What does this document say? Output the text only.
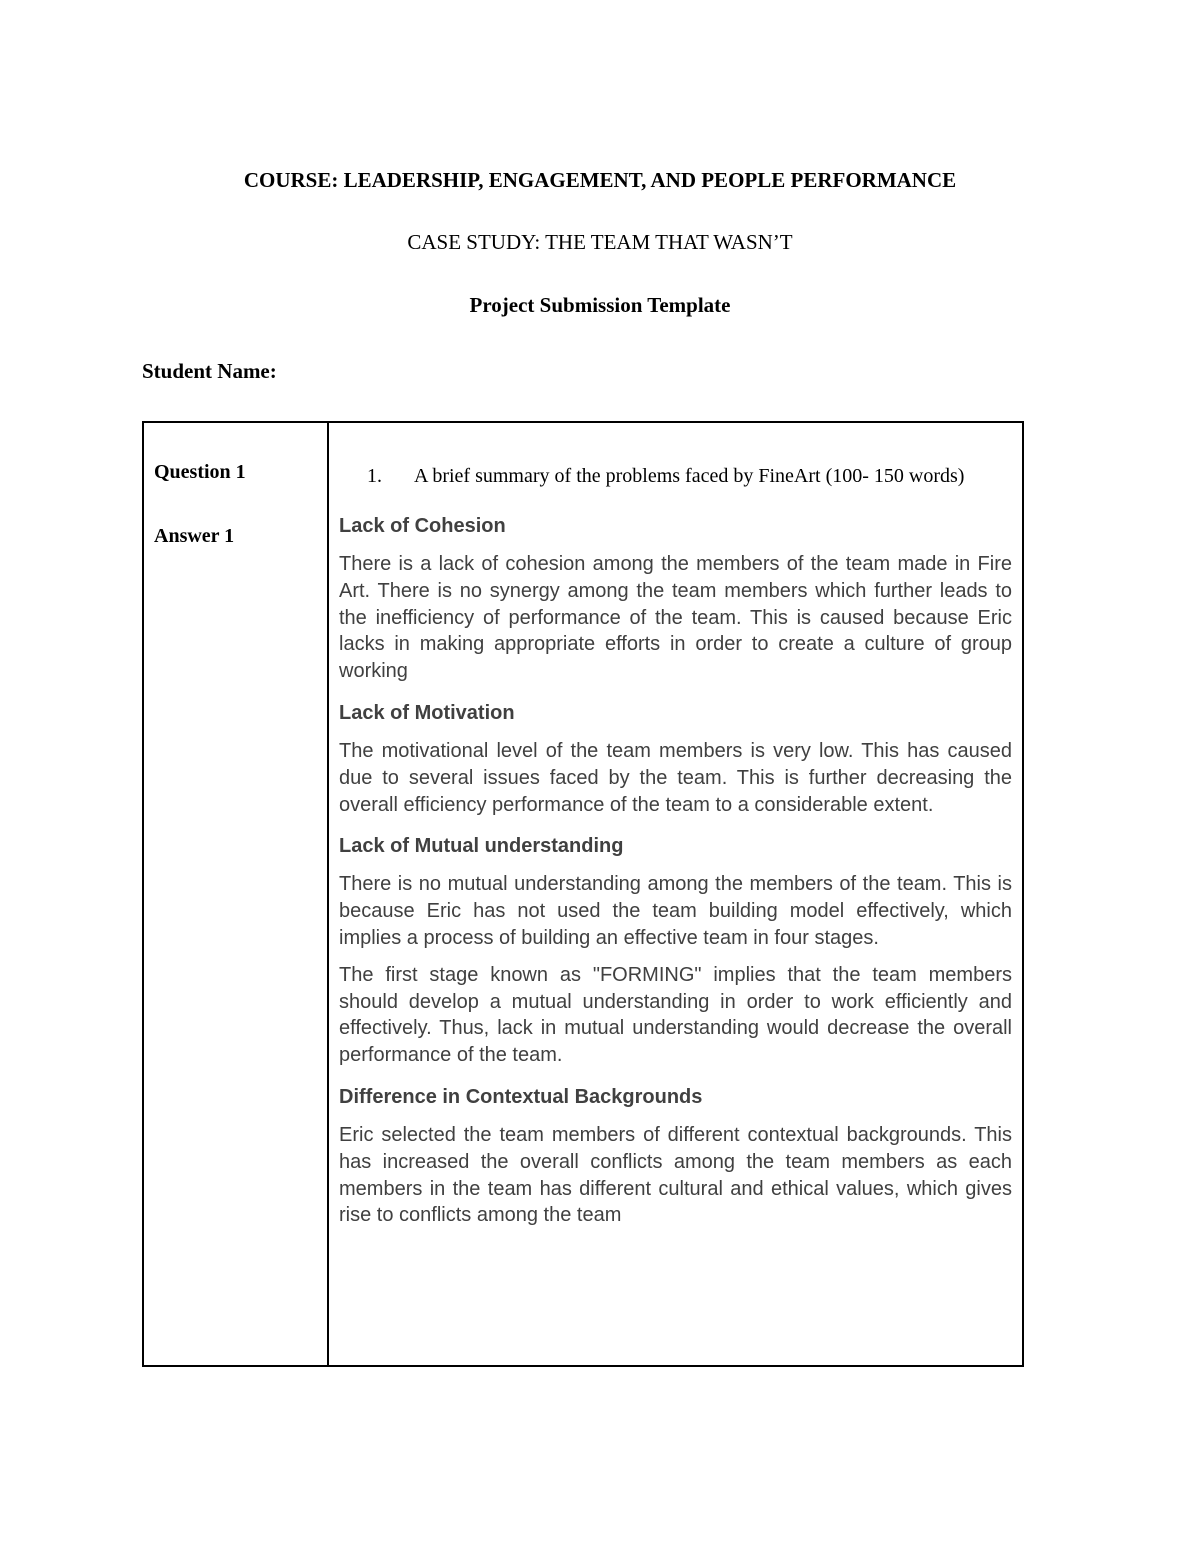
COURSE: LEADERSHIP, ENGAGEMENT, AND PEOPLE PERFORMANCE

CASE STUDY: THE TEAM THAT WASN’T

Project Submission Template

Student Name:
Question 1
Answer 1
1.	A brief summary of the problems faced by FineArt (100- 150 words)
Lack of Cohesion

There is a lack of cohesion among the members of the team made in Fire Art. There is no synergy among the team members which further leads to the inefficiency of performance of the team. This is caused because Eric lacks in making appropriate efforts in order to create a culture of group working

Lack of Motivation

The motivational level of the team members is very low. This has caused due to several issues faced by the team. This is further decreasing the overall efficiency performance of the team to a considerable extent.

Lack of Mutual understanding

There is no mutual understanding among the members of the team. This is because Eric has not used the team building model effectively, which implies a process of building an effective team in four stages.

The first stage known as "FORMING" implies that the team members should develop a mutual understanding in order to work efficiently and effectively. Thus, lack in mutual understanding would decrease the overall performance of the team.

Difference in Contextual Backgrounds

Eric selected the team members of different contextual backgrounds. This has increased the overall conflicts among the team members as each members in the team has different cultural and ethical values, which gives rise to conflicts among the team
